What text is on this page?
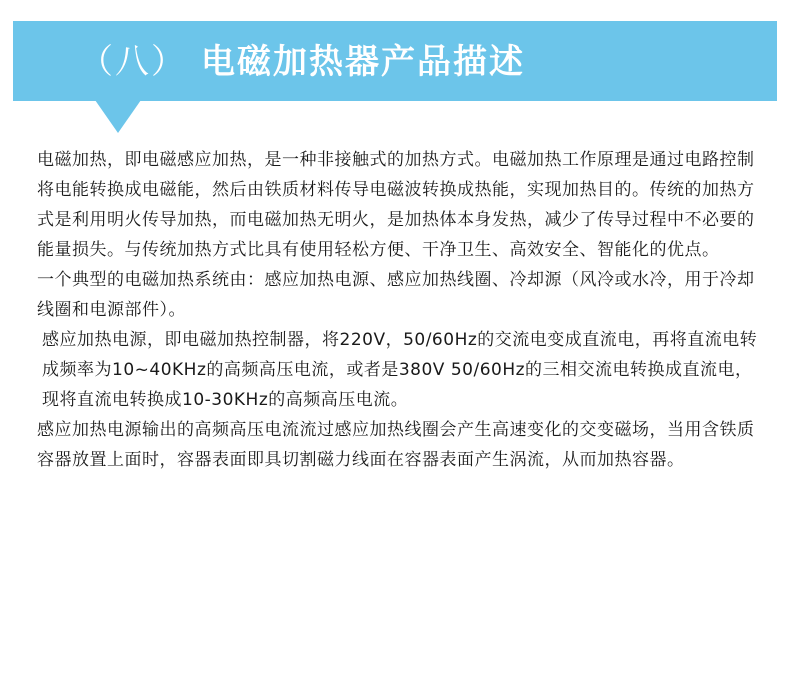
（八） 电磁加热器产品描述

电磁加热，即电磁感应加热，是一种非接触式的加热方式。电磁加热工作原理是通过电路控制将电能转换成电磁能，然后由铁质材料传导电磁波转换成热能，实现加热目的。传统的加热方式是利用明火传导加热，而电磁加热无明火，是加热体本身发热，减少了传导过程中不必要的能量损失。与传统加热方式比具有使用轻松方便、干净卫生、高效安全、智能化的优点。

一个典型的电磁加热系统由：感应加热电源、感应加热线圈、冷却源（风冷或水冷，用于冷却线圈和电源部件）。

感应加热电源，即电磁加热控制器，将220V，50/60Hz的交流电变成直流电，再将直流电转成频率为10~40KHz的高频高压电流，或者是380V 50/60Hz的三相交流电转换成直流电，现将直流电转换成10-30KHz的高频高压电流。

感应加热电源输出的高频高压电流流过感应加热线圈会产生高速变化的交变磁场，当用含铁质容器放置上面时，容器表面即具切割磁力线面在容器表面产生涡流，从而加热容器。
